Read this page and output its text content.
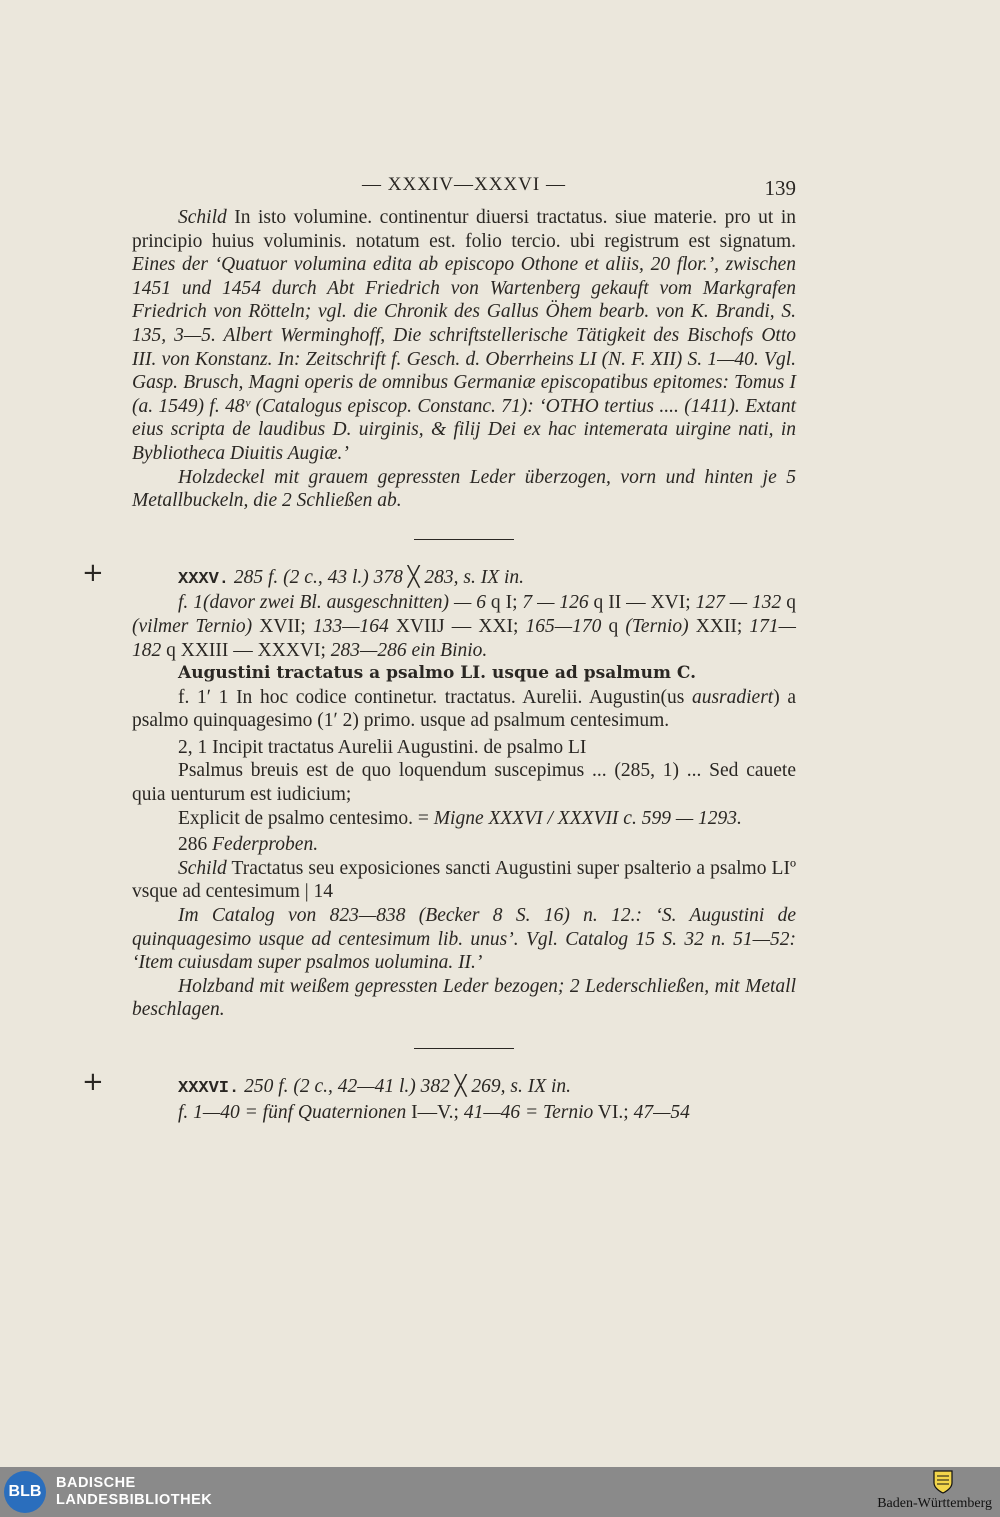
— XXXIV—XXXVI —	139

Schild In isto volumine. continentur diuersi tractatus. siue materie. pro ut in principio huius voluminis. notatum est. folio tercio. ubi registrum est signatum. Eines der ‘Quatuor volumina edita ab episcopo Othone et aliis, 20 flor.’, zwischen 1451 und 1454 durch Abt Friedrich von Wartenberg gekauft vom Markgrafen Friedrich von Rötteln; vgl. die Chronik des Gallus Öhem bearb. von K. Brandi, S. 135, 3—5. Albert Werminghoff, Die schriftstellerische Tätigkeit des Bischofs Otto III. von Konstanz. In: Zeitschrift f. Gesch. d. Oberrheins LI (N. F. XII) S. 1—40. Vgl. Gasp. Brusch, Magni operis de omnibus Germaniæ episcopatibus epitomes: Tomus I (a. 1549) f. 48ᵛ (Catalogus episcop. Constanc. 71): ‘OTHO tertius .... (1411). Extant eius scripta de laudibus D. uirginis, & filij Dei ex hac intemerata uirgine nati, in Bybliotheca Diuitis Augiæ.’

Holzdeckel mit grauem gepressten Leder überzogen, vorn und hinten je 5 Metallbuckeln, die 2 Schließen ab.

+	XXXV. 285 f. (2 c., 43 l.) 378 ╳ 283, s. IX in.

f. 1(davor zwei Bl. ausgeschnitten) — 6 q I; 7 — 126 q II — XVI; 127 — 132 q (vilmer Ternio) XVII; 133—164 XVIIJ — XXI; 165—170 q (Ternio) XXII; 171—182 q XXIII — XXXVI; 283—286 ein Binio.

Augustini tractatus a psalmo LI. usque ad psalmum C.

f. 1ʹ 1 In hoc codice continetur. tractatus. Aurelii. Augustin(us ausradiert) a psalmo quinquagesimo (1ʹ 2) primo. usque ad psalmum centesimum.

2, 1 Incipit tractatus Aurelii Augustini. de psalmo LI

Psalmus breuis est de quo loquendum suscepimus ... (285, 1) ... Sed cauete quia uenturum est iudicium;

Explicit de psalmo centesimo. = Migne XXXVI / XXXVII c. 599 — 1293.

286 Federproben.

Schild Tractatus seu exposiciones sancti Augustini super psalterio a psalmo LIº vsque ad centesimum | 14

Im Catalog von 823—838 (Becker 8 S. 16) n. 12.: ‘S. Augustini de quinquagesimo usque ad centesimum lib. unus’. Vgl. Catalog 15 S. 32 n. 51—52: ‘Item cuiusdam super psalmos uolumina. II.’

Holzband mit weißem gepressten Leder bezogen; 2 Lederschließen, mit Metall beschlagen.

+	XXXVI. 250 f. (2 c., 42—41 l.) 382 ╳ 269, s. IX in.

f. 1—40 = fünf Quaternionen I—V.; 41—46 = Ternio VI.; 47—54

BLB	BADISCHE
LANDESBIBLIOTHEK	Baden-Württemberg
